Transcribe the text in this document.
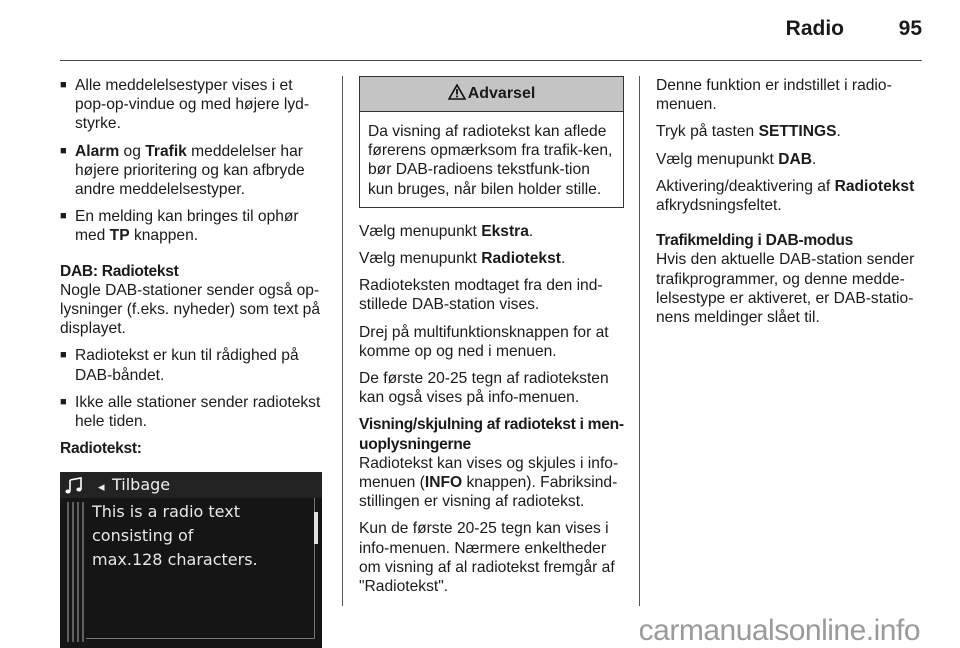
Radio	95
■ Alle meddelelsestyper vises i et pop-op-vindue og med højere lyd-styrke.
■ Alarm og Trafik meddelelser har højere prioritering og kan afbryde andre meddelelsestyper.
■ En melding kan bringes til ophør med TP knappen.

DAB: Radiotekst

Nogle DAB-stationer sender også op-lysninger (f.eks. nyheder) som text på displayet.

■ Radiotekst er kun til rådighed på DAB-båndet.
■ Ikke alle stationer sender radiotekst hele tiden.

Radiotekst:

◂ Tilbage
This is a radio text consisting of
max.128 characters.
Advarsel
Da visning af radiotekst kan aflede førerens opmærksom fra trafik-ken, bør DAB-radioens tekstfunk-tion kun bruges, når bilen holder stille.

Vælg menupunkt Ekstra.

Vælg menupunkt Radiotekst.

Radioteksten modtaget fra den ind-stillede DAB-station vises.

Drej på multifunktionsknappen for at komme op og ned i menuen.

De første 20-25 tegn af radioteksten kan også vises på info-menuen.

Visning/skjulning af radiotekst i men-uoplysningerne

Radiotekst kan vises og skjules i info-menuen (INFO knappen). Fabriksind-stillingen er visning af radiotekst.

Kun de første 20-25 tegn kan vises i info-menuen. Nærmere enkeltheder om visning af al radiotekst fremgår af "Radiotekst".

Denne funktion er indstillet i radio-menuen.

Tryk på tasten SETTINGS.

Vælg menupunkt DAB.

Aktivering/deaktivering af Radiotekst afkrydsningsfeltet.

Trafikmelding i DAB-modus

Hvis den aktuelle DAB-station sender trafikprogrammer, og denne medde-lelsestype er aktiveret, er DAB-statio-nens meldinger slået til.

carmanualsonline.info
